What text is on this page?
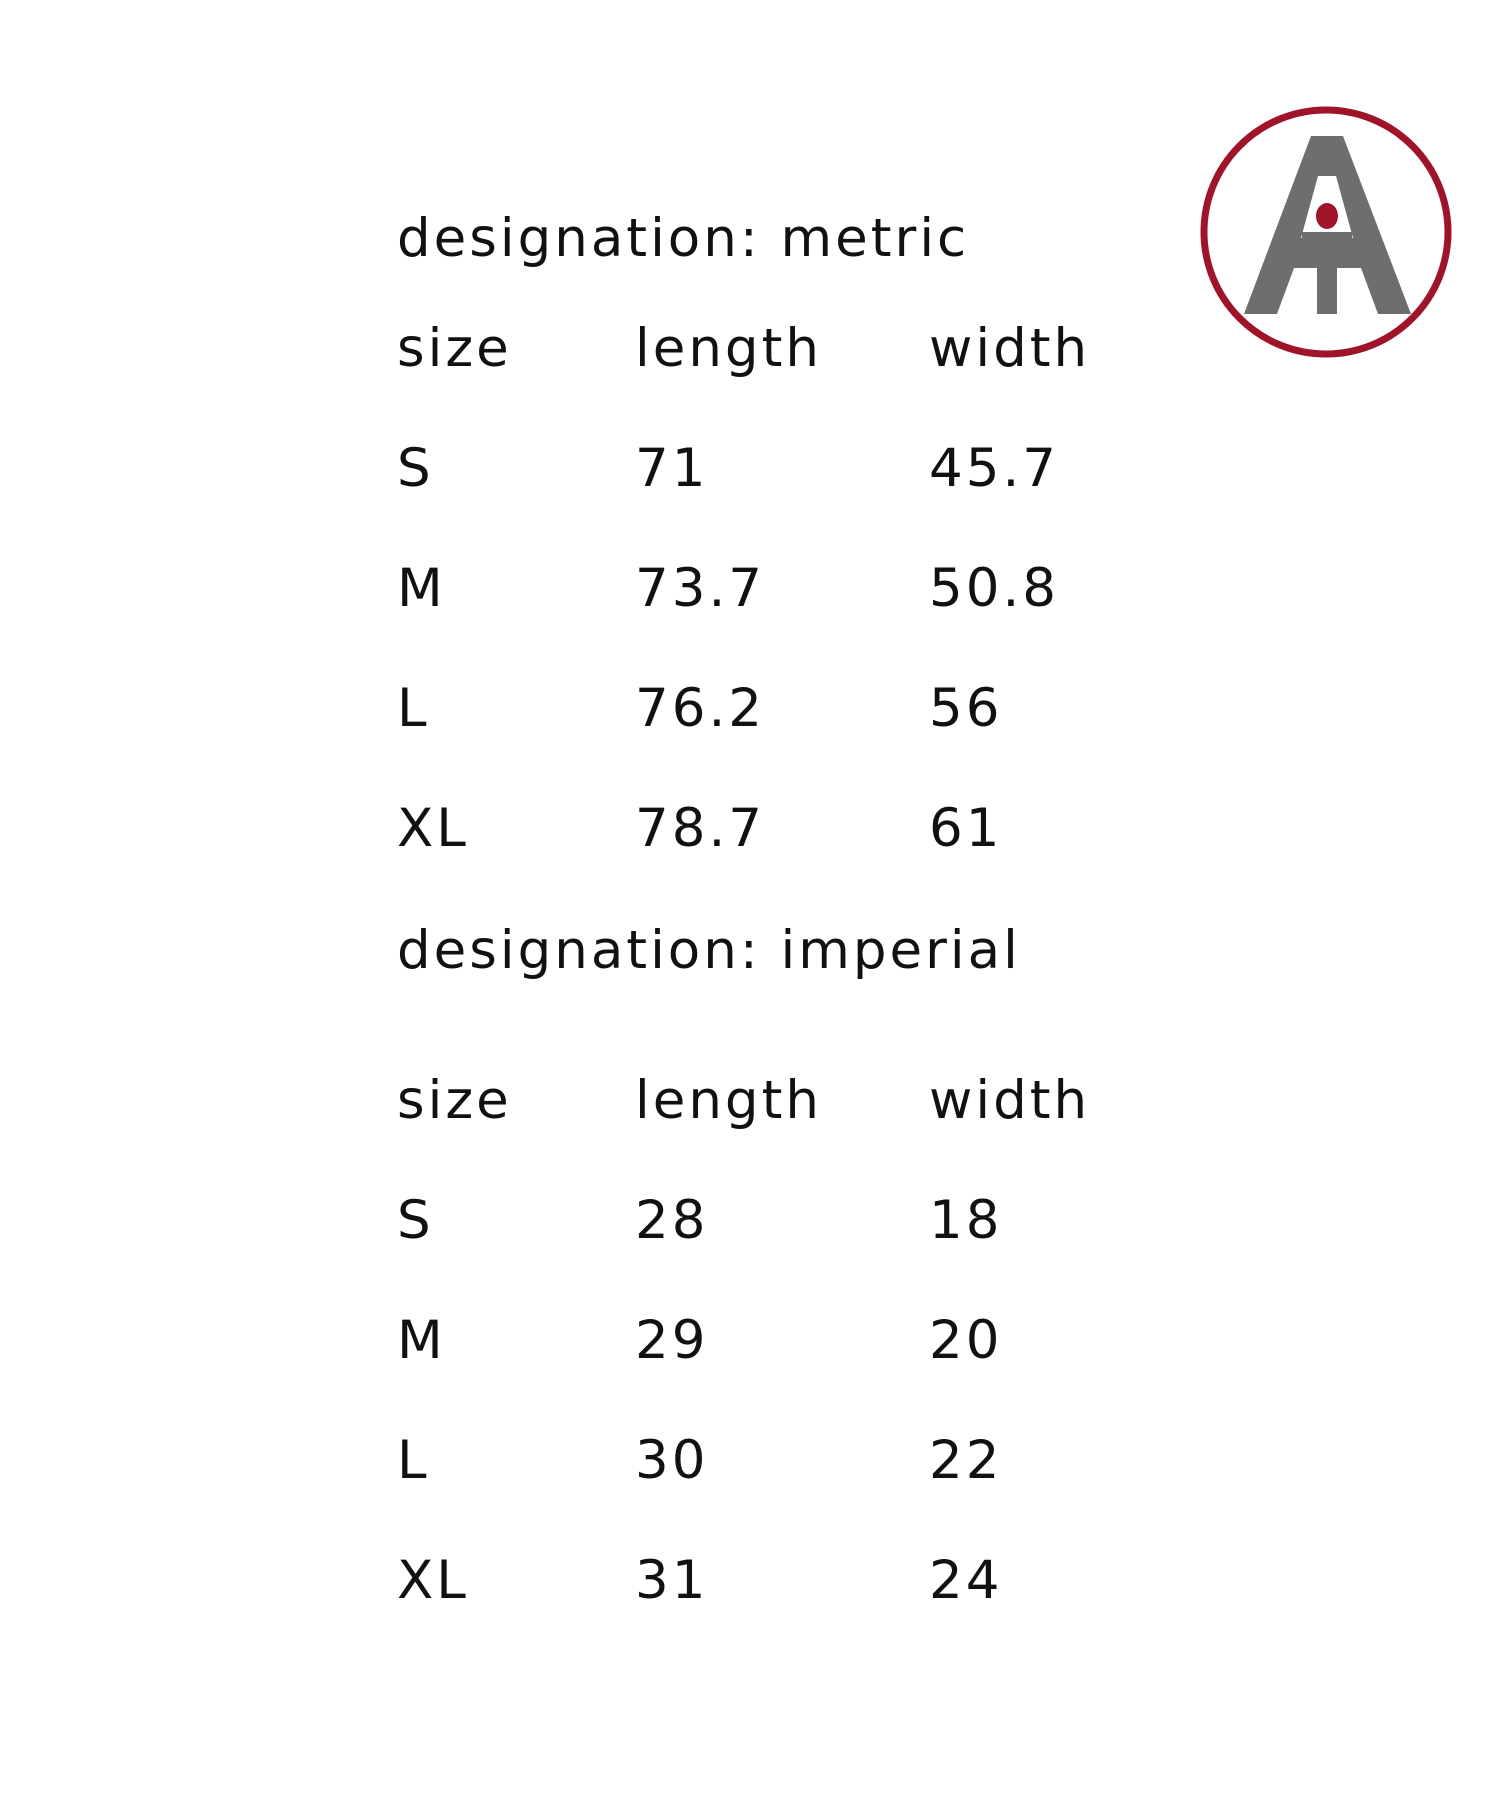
designation: metric
size length width
S	71	45.7
M	73.7	50.8
L	76.2	56
XL	78.7	61
designation: imperial
size length width
S	28	18
M	29	20
L	30	22
XL	31	24
